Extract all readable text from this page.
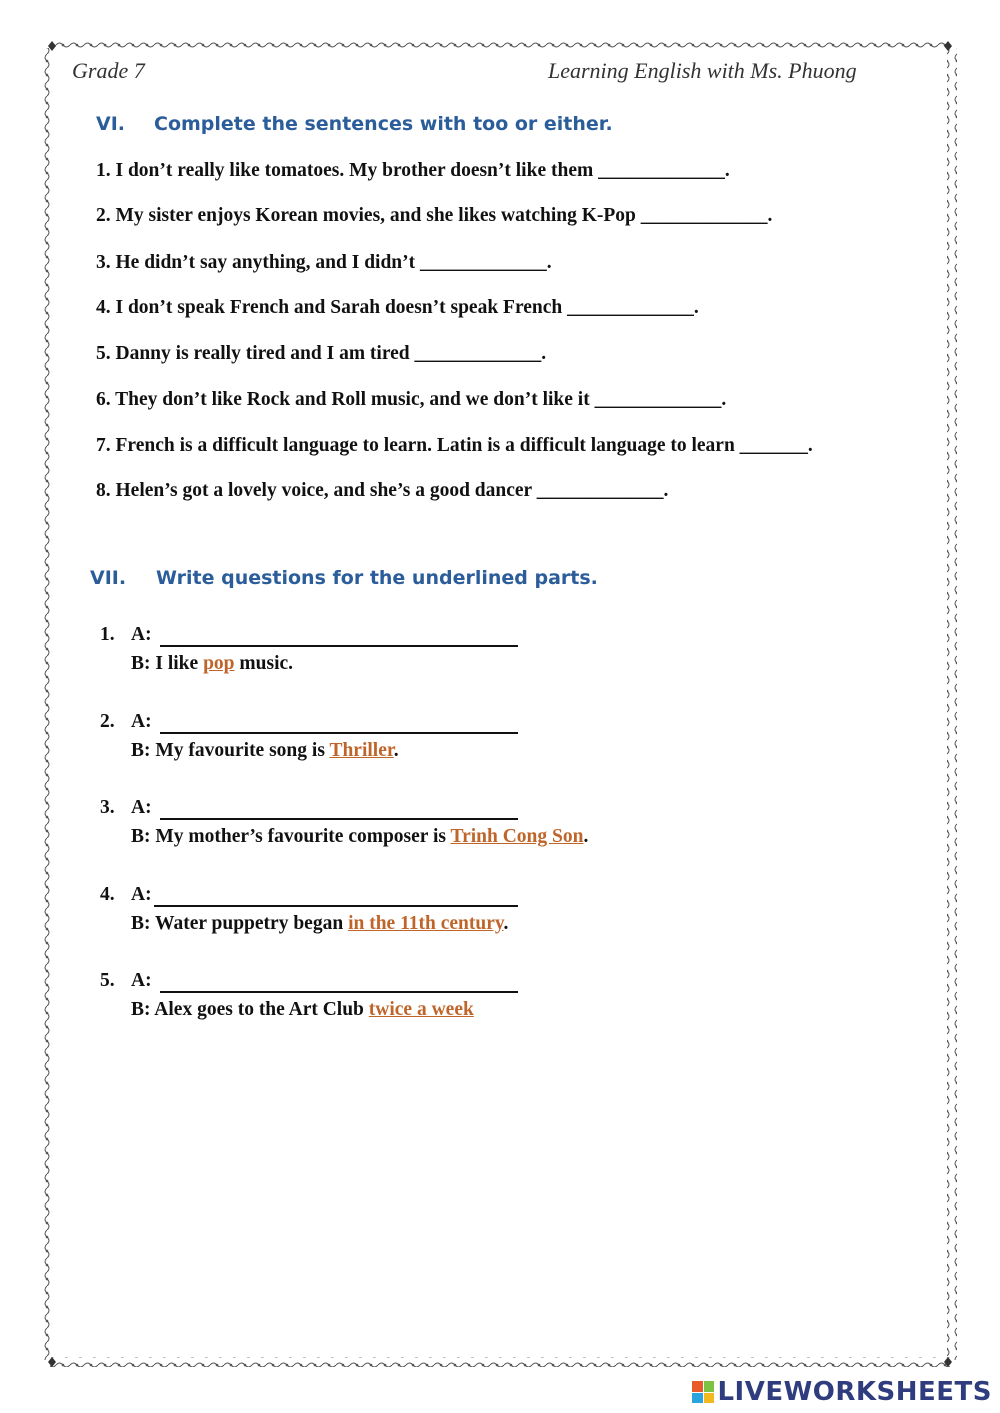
Grade 7	Learning English with Ms. Phuong
VI. Complete the sentences with too or either.
1. I don’t really like tomatoes. My brother doesn’t like them _____________.
2. My sister enjoys Korean movies, and she likes watching K-Pop _____________.
3. He didn’t say anything, and I didn’t _____________.
4. I don’t speak French and Sarah doesn’t speak French _____________.
5. Danny is really tired and I am tired _____________.
6. They don’t like Rock and Roll music, and we don’t like it _____________.
7. French is a difficult language to learn. Latin is a difficult language to learn _______.
8. Helen’s got a lovely voice, and she’s a good dancer _____________.
VII. Write questions for the underlined parts.
1. A:
B: I like pop music.
2. A:
B: My favourite song is Thriller.
3. A:
B: My mother’s favourite composer is Trinh Cong Son.
4. A:
B: Water puppetry began in the 11th century.
5. A:
B: Alex goes to the Art Club twice a week
LIVEWORKSHEETS
